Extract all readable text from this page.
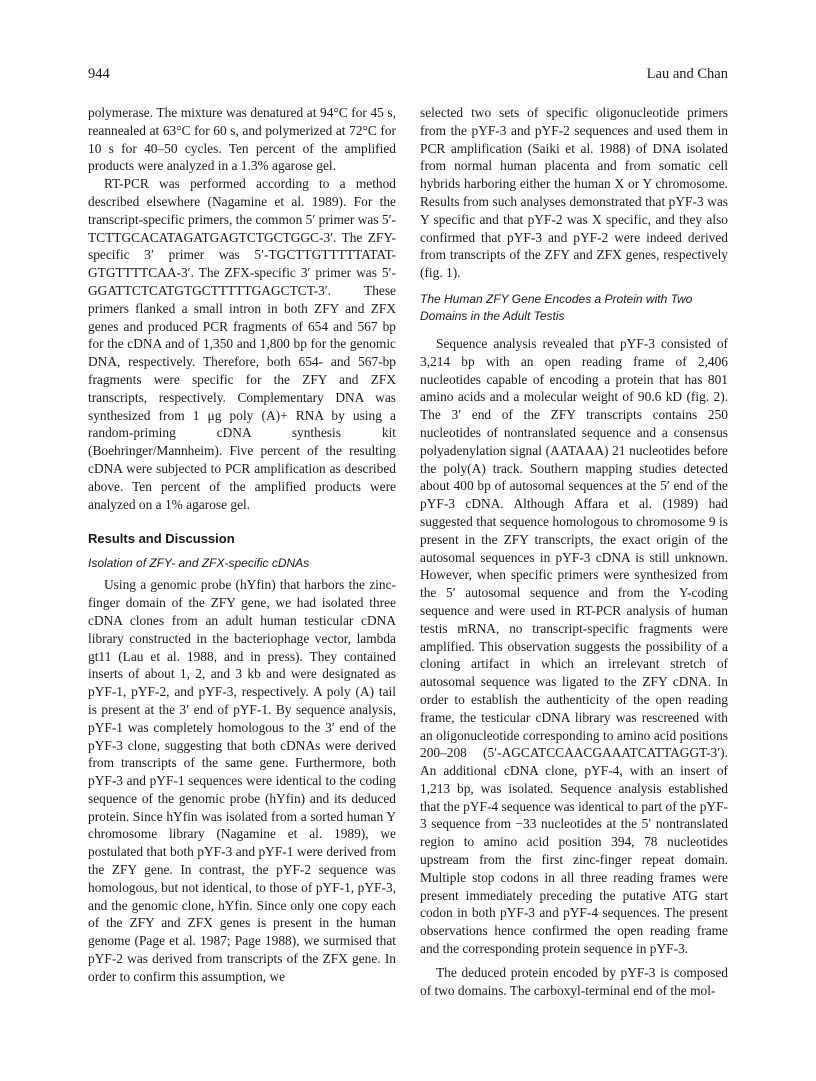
944	Lau and Chan

polymerase. The mixture was denatured at 94°C for 45 s, reannealed at 63°C for 60 s, and polymerized at 72°C for 10 s for 40–50 cycles. Ten percent of the amplified products were analyzed in a 1.3% agarose gel.

RT-PCR was performed according to a method described elsewhere (Nagamine et al. 1989). For the transcript-specific primers, the common 5′ primer was 5′-TCTTGCACATAGATGAGTCTGCTGGC-3′. The ZFY-specific 3′ primer was 5′-TGCTTGTTTTTATAT-GTGTTTTCAA-3′. The ZFX-specific 3′ primer was 5′-GGATTCTCATGTGCTTTTTGAGCTCT-3′. These primers flanked a small intron in both ZFY and ZFX genes and produced PCR fragments of 654 and 567 bp for the cDNA and of 1,350 and 1,800 bp for the genomic DNA, respectively. Therefore, both 654- and 567-bp fragments were specific for the ZFY and ZFX transcripts, respectively. Complementary DNA was synthesized from 1 μg poly (A)+ RNA by using a random-priming cDNA synthesis kit (Boehringer/Mannheim). Five percent of the resulting cDNA were subjected to PCR amplification as described above. Ten percent of the amplified products were analyzed on a 1% agarose gel.

Results and Discussion
Isolation of ZFY- and ZFX-specific cDNAs

Using a genomic probe (hYfin) that harbors the zinc-finger domain of the ZFY gene, we had isolated three cDNA clones from an adult human testicular cDNA library constructed in the bacteriophage vector, lambda gt11 (Lau et al. 1988, and in press). They contained inserts of about 1, 2, and 3 kb and were designated as pYF-1, pYF-2, and pYF-3, respectively. A poly (A) tail is present at the 3′ end of pYF-1. By sequence analysis, pYF-1 was completely homologous to the 3′ end of the pYF-3 clone, suggesting that both cDNAs were derived from transcripts of the same gene. Furthermore, both pYF-3 and pYF-1 sequences were identical to the coding sequence of the genomic probe (hYfin) and its deduced protein. Since hYfin was isolated from a sorted human Y chromosome library (Nagamine et al. 1989), we postulated that both pYF-3 and pYF-1 were derived from the ZFY gene. In contrast, the pYF-2 sequence was homologous, but not identical, to those of pYF-1, pYF-3, and the genomic clone, hYfin. Since only one copy each of the ZFY and ZFX genes is present in the human genome (Page et al. 1987; Page 1988), we surmised that pYF-2 was derived from transcripts of the ZFX gene. In order to confirm this assumption, we

selected two sets of specific oligonucleotide primers from the pYF-3 and pYF-2 sequences and used them in PCR amplification (Saiki et al. 1988) of DNA isolated from normal human placenta and from somatic cell hybrids harboring either the human X or Y chromosome. Results from such analyses demonstrated that pYF-3 was Y specific and that pYF-2 was X specific, and they also confirmed that pYF-3 and pYF-2 were indeed derived from transcripts of the ZFY and ZFX genes, respectively (fig. 1).

The Human ZFY Gene Encodes a Protein with Two Domains in the Adult Testis

Sequence analysis revealed that pYF-3 consisted of 3,214 bp with an open reading frame of 2,406 nucleotides capable of encoding a protein that has 801 amino acids and a molecular weight of 90.6 kD (fig. 2). The 3′ end of the ZFY transcripts contains 250 nucleotides of nontranslated sequence and a consensus polyadenylation signal (AATAAA) 21 nucleotides before the poly(A) track. Southern mapping studies detected about 400 bp of autosomal sequences at the 5′ end of the pYF-3 cDNA. Although Affara et al. (1989) had suggested that sequence homologous to chromosome 9 is present in the ZFY transcripts, the exact origin of the autosomal sequences in pYF-3 cDNA is still unknown. However, when specific primers were synthesized from the 5′ autosomal sequence and from the Y-coding sequence and were used in RT-PCR analysis of human testis mRNA, no transcript-specific fragments were amplified. This observation suggests the possibility of a cloning artifact in which an irrelevant stretch of autosomal sequence was ligated to the ZFY cDNA. In order to establish the authenticity of the open reading frame, the testicular cDNA library was rescreened with an oligonucleotide corresponding to amino acid positions 200–208 (5′-AGCATCCAACGAAATCATTAGGT-3′). An additional cDNA clone, pYF-4, with an insert of 1,213 bp, was isolated. Sequence analysis established that the pYF-4 sequence was identical to part of the pYF-3 sequence from −33 nucleotides at the 5′ nontranslated region to amino acid position 394, 78 nucleotides upstream from the first zinc-finger repeat domain. Multiple stop codons in all three reading frames were present immediately preceding the putative ATG start codon in both pYF-3 and pYF-4 sequences. The present observations hence confirmed the open reading frame and the corresponding protein sequence in pYF-3.

The deduced protein encoded by pYF-3 is composed of two domains. The carboxyl-terminal end of the mol-
